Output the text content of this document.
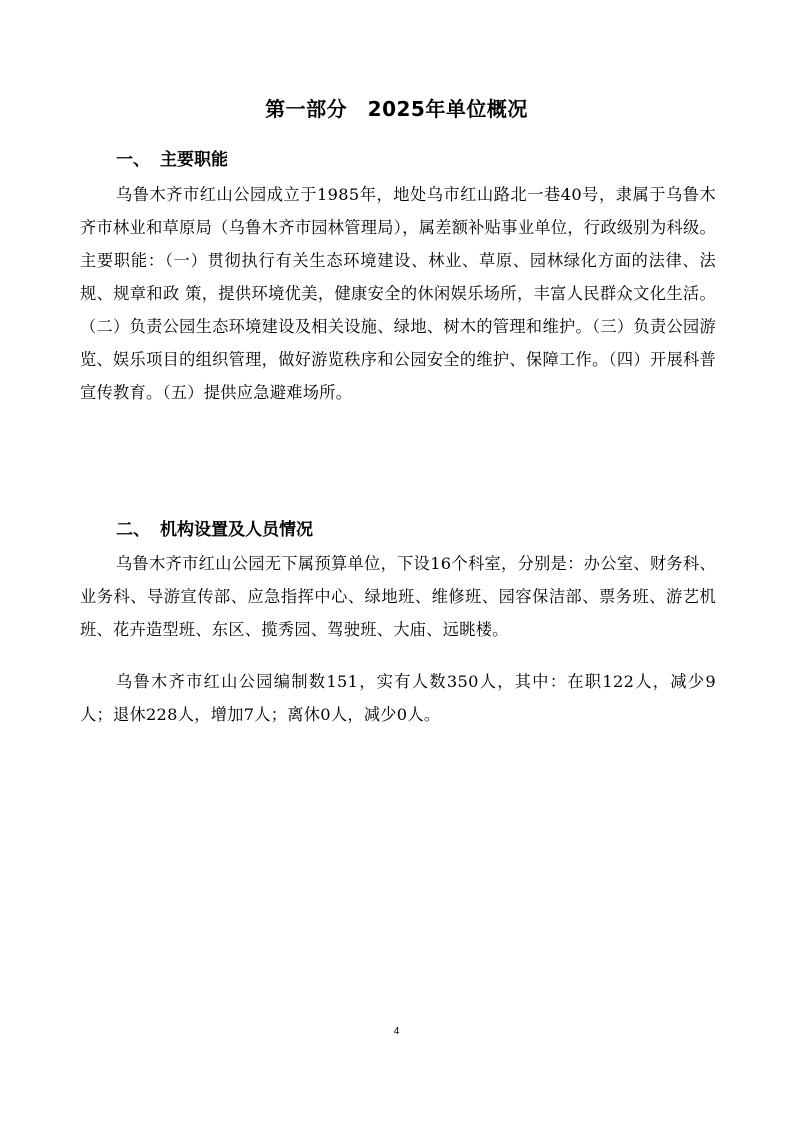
第一部分　2025年单位概况
一、 主要职能

乌鲁木齐市红山公园成立于1985年，地处乌市红山路北一巷40号，隶属于乌鲁木齐市林业和草原局（乌鲁木齐市园林管理局），属差额补贴事业单位，行政级别为科级。主要职能：（一）贯彻执行有关生态环境建设、林业、草原、园林绿化方面的法律、法规、规章和政 策，提供环境优美，健康安全的休闲娱乐场所，丰富人民群众文化生活。（二）负责公园生态环境建设及相关设施、绿地、树木的管理和维护。（三）负责公园游 览、娱乐项目的组织管理，做好游览秩序和公园安全的维护、保障工作。（四）开展科普宣传教育。（五）提供应急避难场所。

二、 机构设置及人员情况

乌鲁木齐市红山公园无下属预算单位，下设16个科室，分别是：办公室、财务科、业务科、导游宣传部、应急指挥中心、绿地班、维修班、园容保洁部、票务班、游艺机班、花卉造型班、东区、揽秀园、驾驶班、大庙、远眺楼。

乌鲁木齐市红山公园编制数151，实有人数350人，其中：在职122人，减少9人；退休228人，增加7人；离休0人，减少0人。

4
